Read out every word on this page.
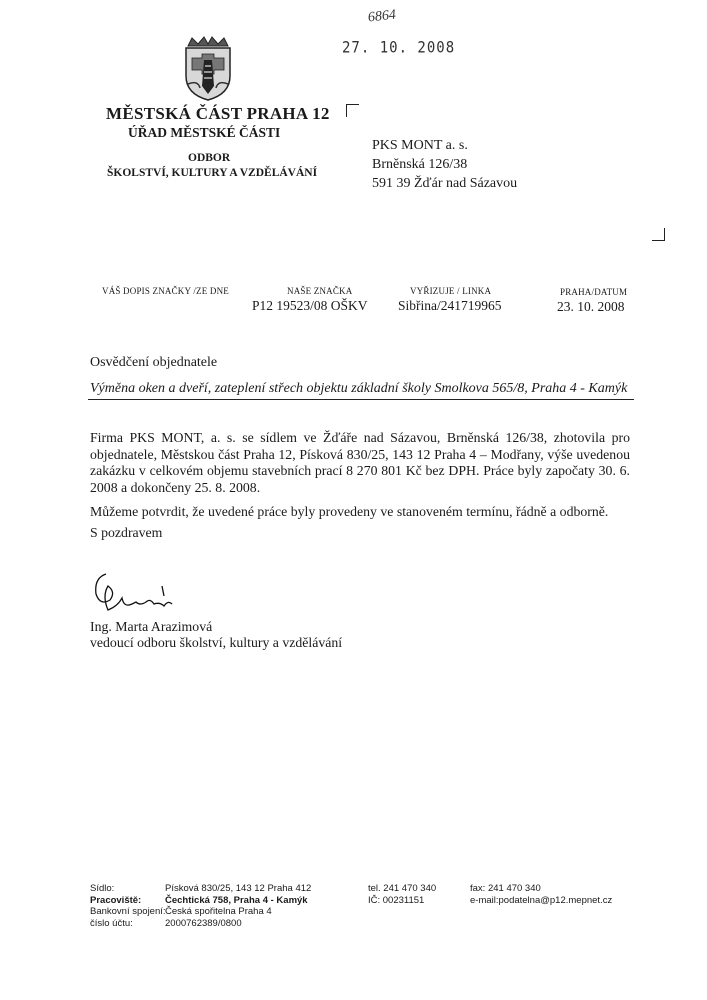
6864
27. 10. 2008
MĚSTSKÁ ČÁST PRAHA 12
ÚŘAD MĚSTSKÉ ČÁSTI
ODBOR
ŠKOLSTVÍ, KULTURY A VZDĚLÁVÁNÍ
PKS MONT a. s.
Brněnská 126/38
591 39 Žďár nad Sázavou
VÁŠ DOPIS ZNAČKY /ZE DNE	NAŠE ZNAČKA
P12 19523/08 OŠKV
VYŘIZUJE / LINKA
Sibřina/241719965
PRAHA/DATUM
23. 10. 2008
Osvědčení objednatele
Výměna oken a dveří, zateplení střech objektu základní školy Smolkova 565/8, Praha 4 - Kamýk
Firma PKS MONT, a. s. se sídlem ve Žďáře nad Sázavou, Brněnská 126/38, zhotovila pro objednatele, Městskou část Praha 12, Písková 830/25, 143 12 Praha 4 – Modřany, výše uvedenou zakázku v celkovém objemu stavebních prací 8 270 801 Kč bez DPH. Práce byly započaty 30. 6. 2008 a dokončeny 25. 8. 2008.
Můžeme potvrdit, že uvedené práce byly provedeny ve stanoveném termínu, řádně a odborně.
S pozdravem
Ing. Marta Arazimová
vedoucí odboru školství, kultury a vzdělávání
Sídlo:
Pracoviště:
Bankovní spojení:
číslo účtu:
Písková 830/25, 143 12 Praha 412
Čechtická 758, Praha 4 - Kamýk
Česká spořitelna Praha 4
2000762389/0800
tel. 241 470 340
IČ: 00231151
fax: 241 470 340
e-mail:podatelna@p12.mepnet.cz
